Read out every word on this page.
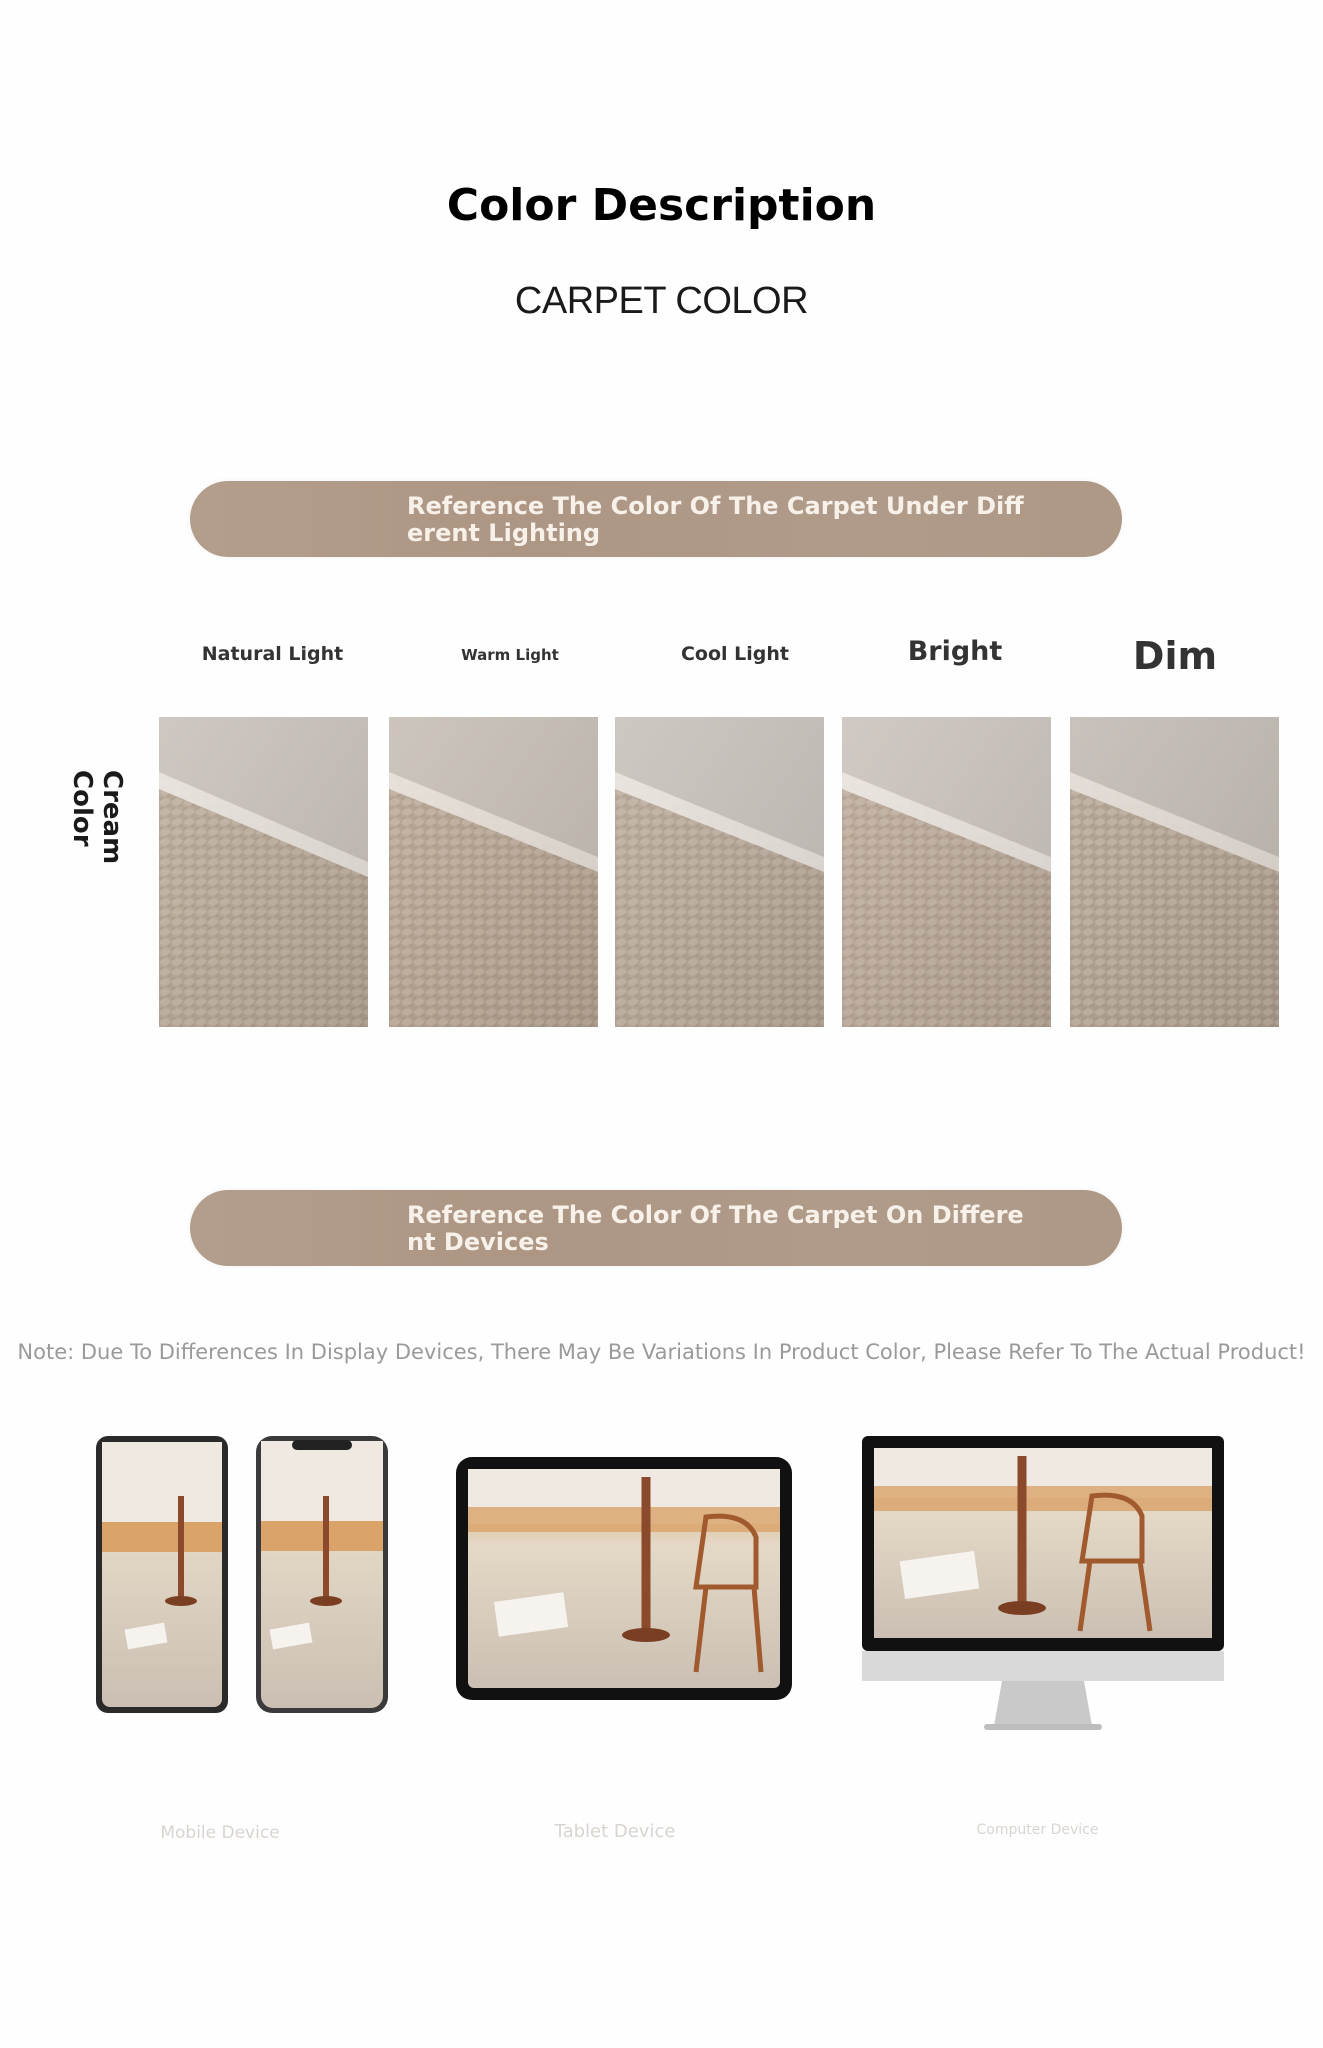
Color Description
CARPET COLOR
Reference The Color Of The Carpet Under Different Lighting
Natural Light	Warm Light	Cool Light	Bright	Dim
Cream Color
Reference The Color Of The Carpet On Different Devices
Note: Due To Differences In Display Devices, There May Be Variations In Product Color, Please Refer To The Actual Product!
Mobile Device	Tablet Device	Computer Device
